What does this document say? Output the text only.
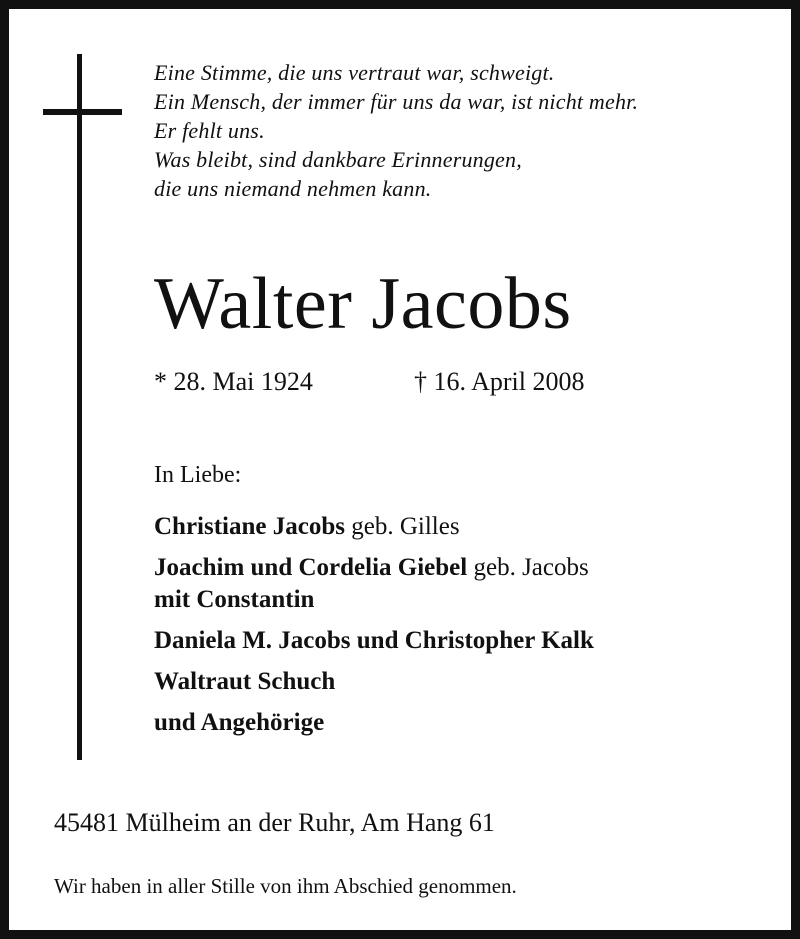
Eine Stimme, die uns vertraut war, schweigt.
Ein Mensch, der immer für uns da war, ist nicht mehr.
Er fehlt uns.
Was bleibt, sind dankbare Erinnerungen,
die uns niemand nehmen kann.
Walter Jacobs
* 28. Mai 1924	† 16. April 2008
In Liebe:
Christiane Jacobs geb. Gilles
Joachim und Cordelia Giebel geb. Jacobs
mit Constantin
Daniela M. Jacobs und Christopher Kalk
Waltraut Schuch
und Angehörige
45481 Mülheim an der Ruhr, Am Hang 61
Wir haben in aller Stille von ihm Abschied genommen.
